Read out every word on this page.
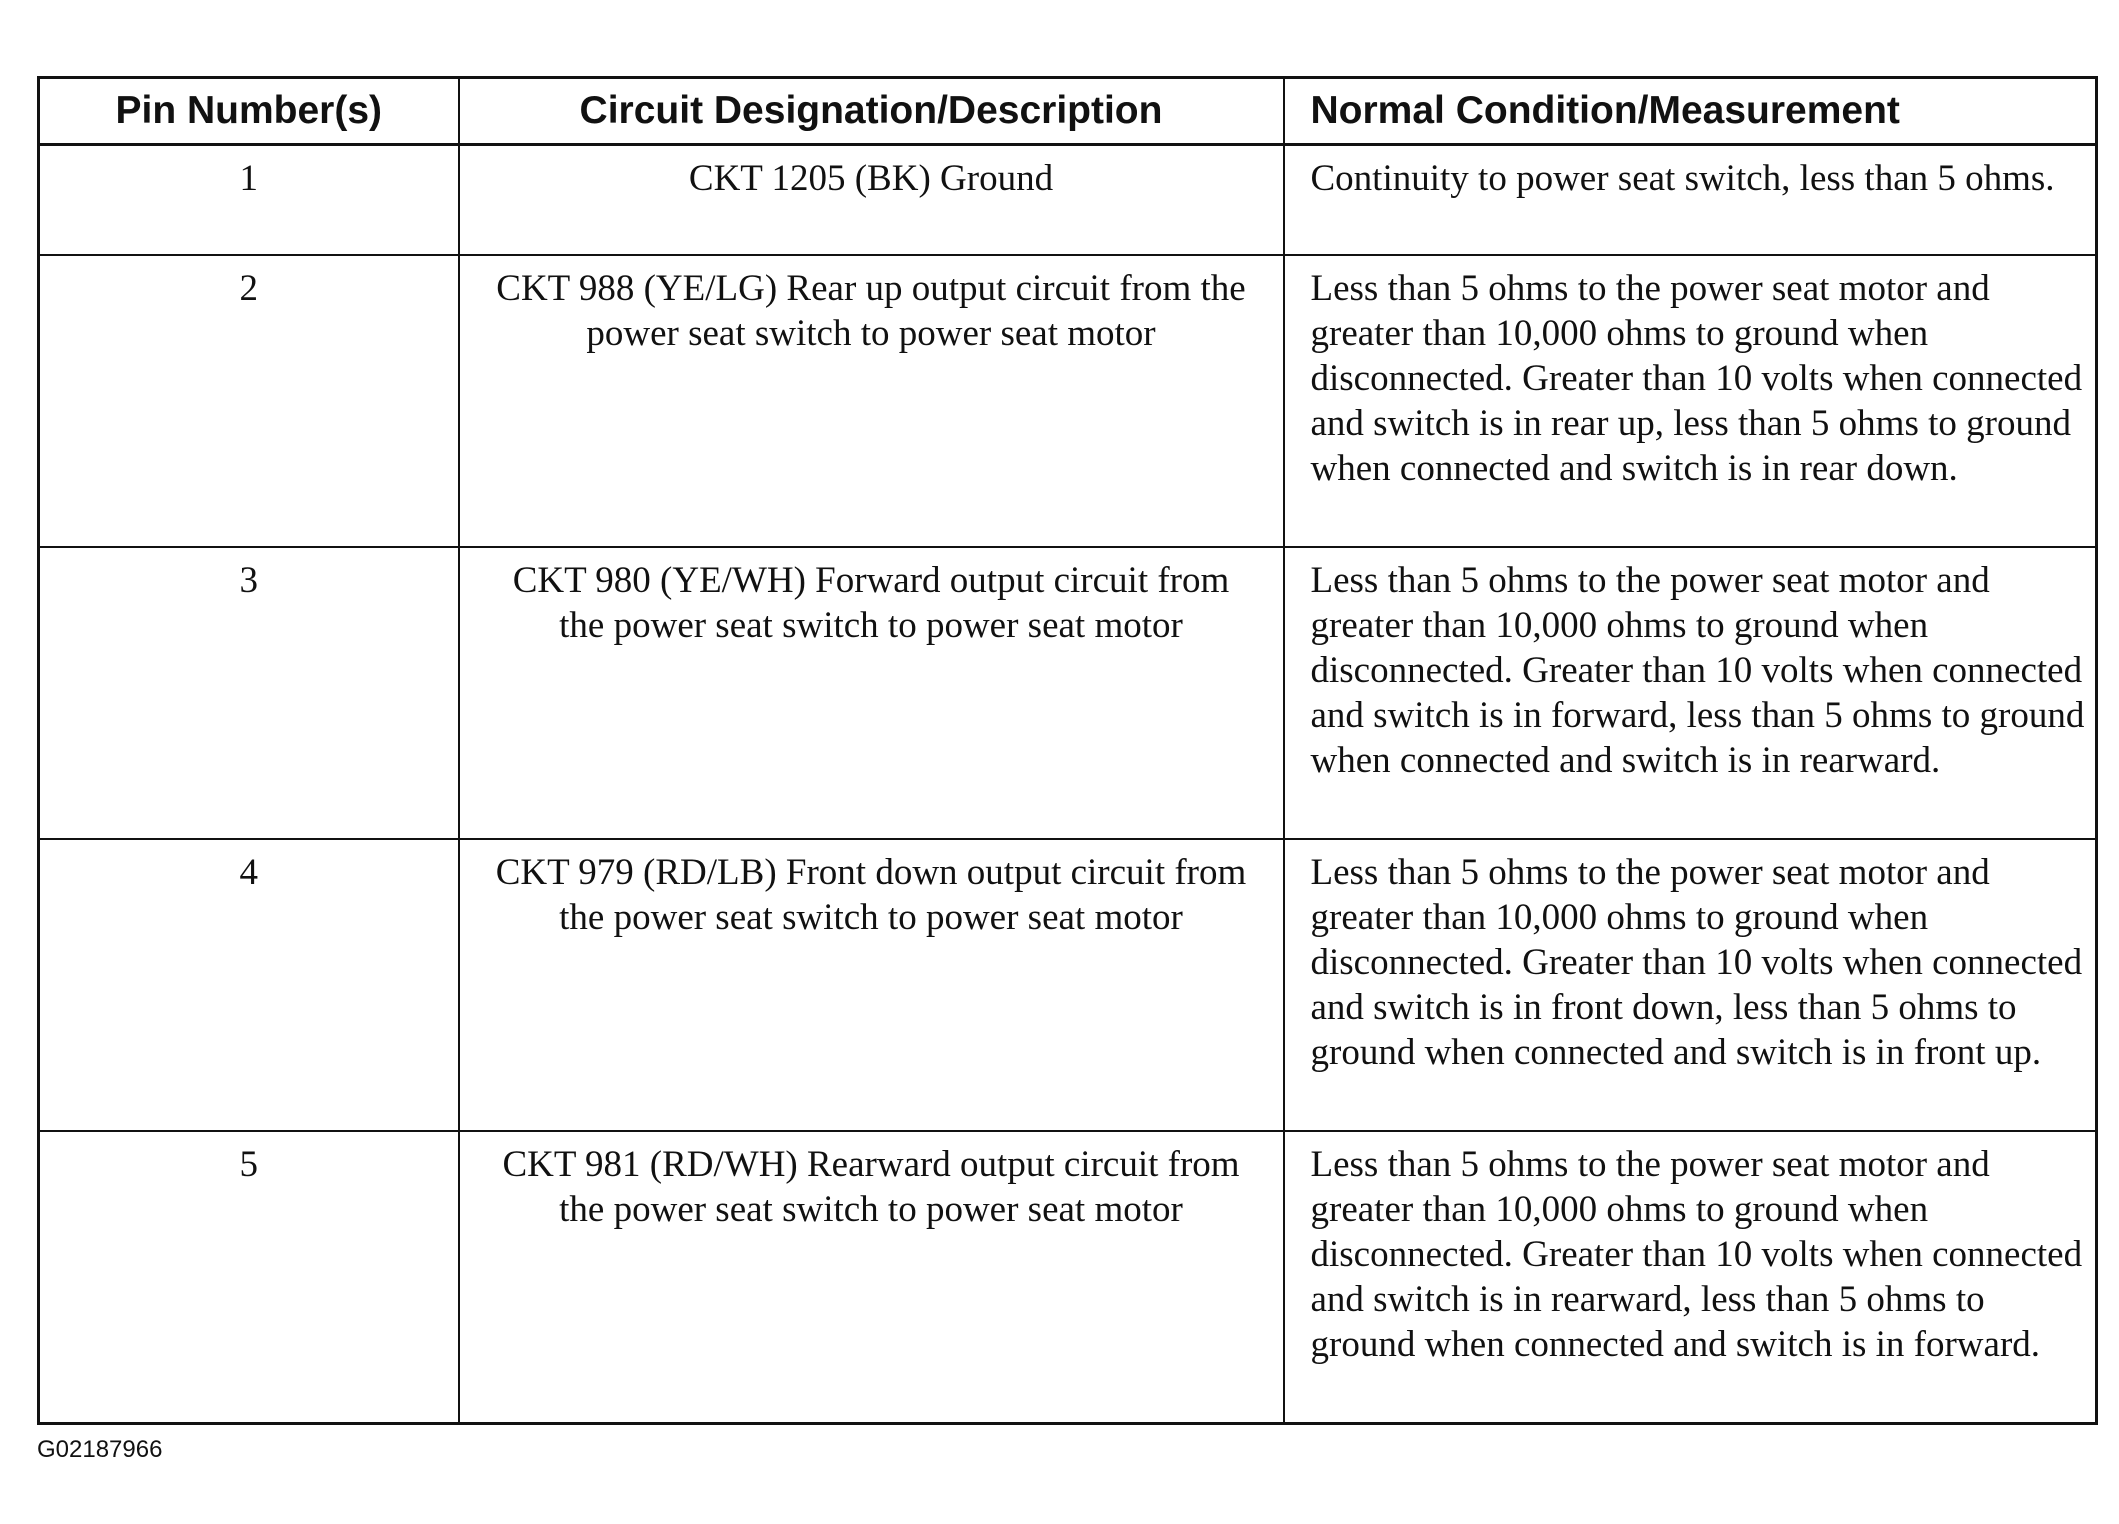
Pin Number(s)	Circuit Designation/Description	Normal Condition/Measurement
1	CKT 1205 (BK) Ground	Continuity to power seat switch, less than 5 ohms.
2	CKT 988 (YE/LG) Rear up output circuit from the power seat switch to power seat motor	Less than 5 ohms to the power seat motor and greater than 10,000 ohms to ground when disconnected. Greater than 10 volts when connected and switch is in rear up, less than 5 ohms to ground when connected and switch is in rear down.
3	CKT 980 (YE/WH) Forward output circuit from the power seat switch to power seat motor	Less than 5 ohms to the power seat motor and greater than 10,000 ohms to ground when disconnected. Greater than 10 volts when connected and switch is in forward, less than 5 ohms to ground when connected and switch is in rearward.
4	CKT 979 (RD/LB) Front down output circuit from the power seat switch to power seat motor	Less than 5 ohms to the power seat motor and greater than 10,000 ohms to ground when disconnected. Greater than 10 volts when connected and switch is in front down, less than 5 ohms to ground when connected and switch is in front up.
5	CKT 981 (RD/WH) Rearward output circuit from the power seat switch to power seat motor	Less than 5 ohms to the power seat motor and greater than 10,000 ohms to ground when disconnected. Greater than 10 volts when connected and switch is in rearward, less than 5 ohms to ground when connected and switch is in forward.
G02187966
